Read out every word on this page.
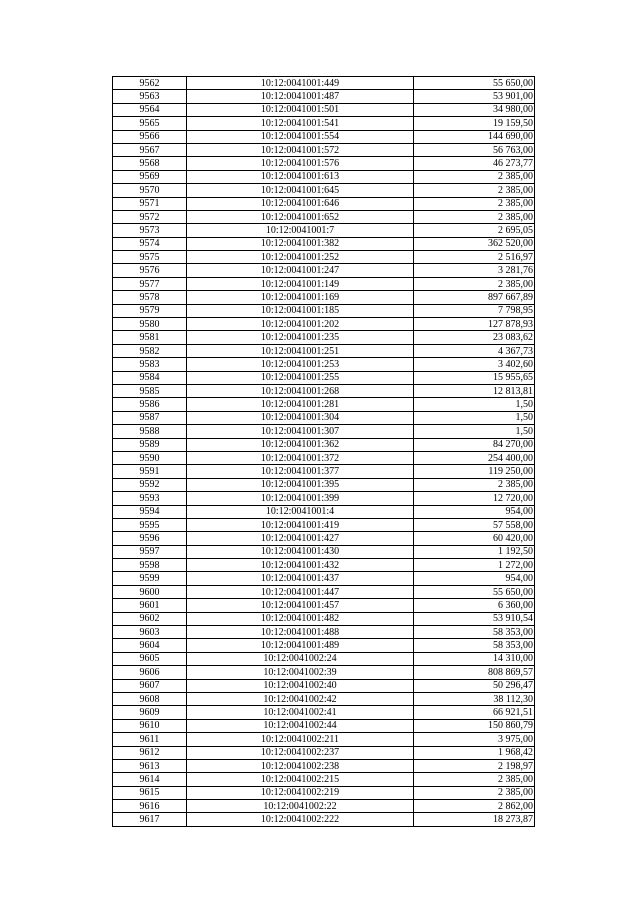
9562	10:12:0041001:449	55 650,00
9563	10:12:0041001:487	53 901,00
9564	10:12:0041001:501	34 980,00
9565	10:12:0041001:541	19 159,50
9566	10:12:0041001:554	144 690,00
9567	10:12:0041001:572	56 763,00
9568	10:12:0041001:576	46 273,77
9569	10:12:0041001:613	2 385,00
9570	10:12:0041001:645	2 385,00
9571	10:12:0041001:646	2 385,00
9572	10:12:0041001:652	2 385,00
9573	10:12:0041001:7	2 695,05
9574	10:12:0041001:382	362 520,00
9575	10:12:0041001:252	2 516,97
9576	10:12:0041001:247	3 281,76
9577	10:12:0041001:149	2 385,00
9578	10:12:0041001:169	897 667,89
9579	10:12:0041001:185	7 798,95
9580	10:12:0041001:202	127 878,93
9581	10:12:0041001:235	23 083,62
9582	10:12:0041001:251	4 367,73
9583	10:12:0041001:253	3 402,60
9584	10:12:0041001:255	15 955,65
9585	10:12:0041001:268	12 813,81
9586	10:12:0041001:281	1,50
9587	10:12:0041001:304	1,50
9588	10:12:0041001:307	1,50
9589	10:12:0041001:362	84 270,00
9590	10:12:0041001:372	254 400,00
9591	10:12:0041001:377	119 250,00
9592	10:12:0041001:395	2 385,00
9593	10:12:0041001:399	12 720,00
9594	10:12:0041001:4	954,00
9595	10:12:0041001:419	57 558,00
9596	10:12:0041001:427	60 420,00
9597	10:12:0041001:430	1 192,50
9598	10:12:0041001:432	1 272,00
9599	10:12:0041001:437	954,00
9600	10:12:0041001:447	55 650,00
9601	10:12:0041001:457	6 360,00
9602	10:12:0041001:482	53 910,54
9603	10:12:0041001:488	58 353,00
9604	10:12:0041001:489	58 353,00
9605	10:12:0041002:24	14 310,00
9606	10:12:0041002:39	808 869,57
9607	10:12:0041002:40	50 296,47
9608	10:12:0041002:42	38 112,30
9609	10:12:0041002:41	66 921,51
9610	10:12:0041002:44	150 860,79
9611	10:12:0041002:211	3 975,00
9612	10:12:0041002:237	1 968,42
9613	10:12:0041002:238	2 198,97
9614	10:12:0041002:215	2 385,00
9615	10:12:0041002:219	2 385,00
9616	10:12:0041002:22	2 862,00
9617	10:12:0041002:222	18 273,87
